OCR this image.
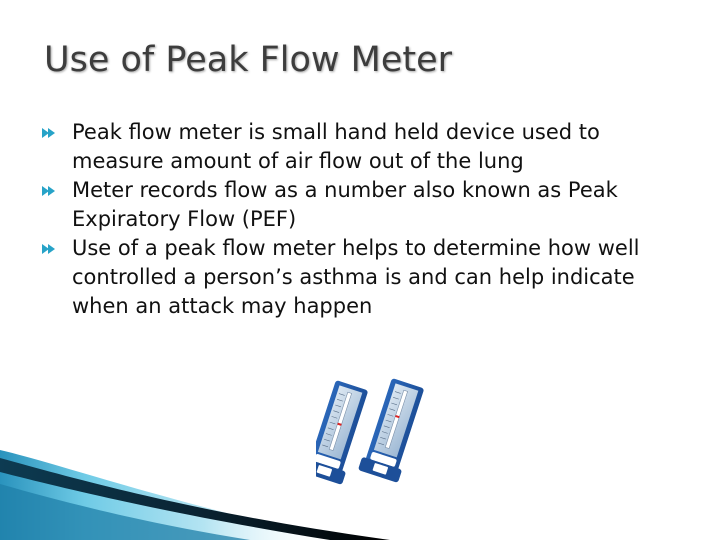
Use of Peak Flow Meter
Peak flow meter is small hand held device used to measure amount of air flow out of the lung
Meter records flow as a number also known as Peak Expiratory Flow (PEF)
Use of a peak flow meter helps to determine how well controlled a person’s asthma is and can help indicate when an attack may happen
